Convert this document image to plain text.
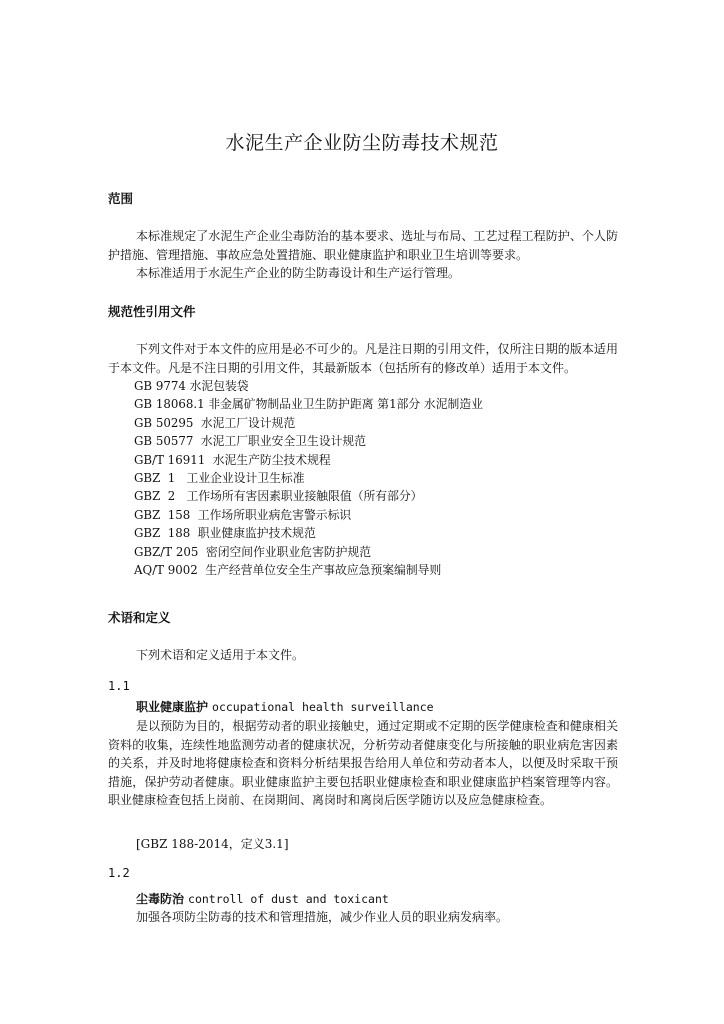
水泥生产企业防尘防毒技术规范
范围

本标准规定了水泥生产企业尘毒防治的基本要求、选址与布局、工艺过程工程防护、个人防护措施、管理措施、事故应急处置措施、职业健康监护和职业卫生培训等要求。

本标准适用于水泥生产企业的防尘防毒设计和生产运行管理。

规范性引用文件

下列文件对于本文件的应用是必不可少的。凡是注日期的引用文件，仅所注日期的版本适用于本文件。凡是不注日期的引用文件，其最新版本（包括所有的修改单）适用于本文件。

GB 9774 水泥包装袋
GB 18068.1 非金属矿物制品业卫生防护距离 第1部分 水泥制造业
GB 50295  水泥工厂设计规范
GB 50577  水泥工厂职业安全卫生设计规范
GB/T 16911  水泥生产防尘技术规程
GBZ  1   工业企业设计卫生标准
GBZ  2   工作场所有害因素职业接触限值（所有部分）
GBZ  158  工作场所职业病危害警示标识
GBZ  188  职业健康监护技术规范
GBZ/T 205  密闭空间作业职业危害防护规范
AQ/T 9002  生产经营单位安全生产事故应急预案编制导则
术语和定义

下列术语和定义适用于本文件。

1.1

职业健康监护 occupational health surveillance

是以预防为目的，根据劳动者的职业接触史，通过定期或不定期的医学健康检查和健康相关资料的收集，连续性地监测劳动者的健康状况，分析劳动者健康变化与所接触的职业病危害因素的关系，并及时地将健康检查和资料分析结果报告给用人单位和劳动者本人，以便及时采取干预措施，保护劳动者健康。职业健康监护主要包括职业健康检查和职业健康监护档案管理等内容。职业健康检查包括上岗前、在岗期间、离岗时和离岗后医学随访以及应急健康检查。

[GBZ 188-2014，定义3.1]

1.2

尘毒防治 controll of dust and toxicant

加强各项防尘防毒的技术和管理措施，减少作业人员的职业病发病率。
